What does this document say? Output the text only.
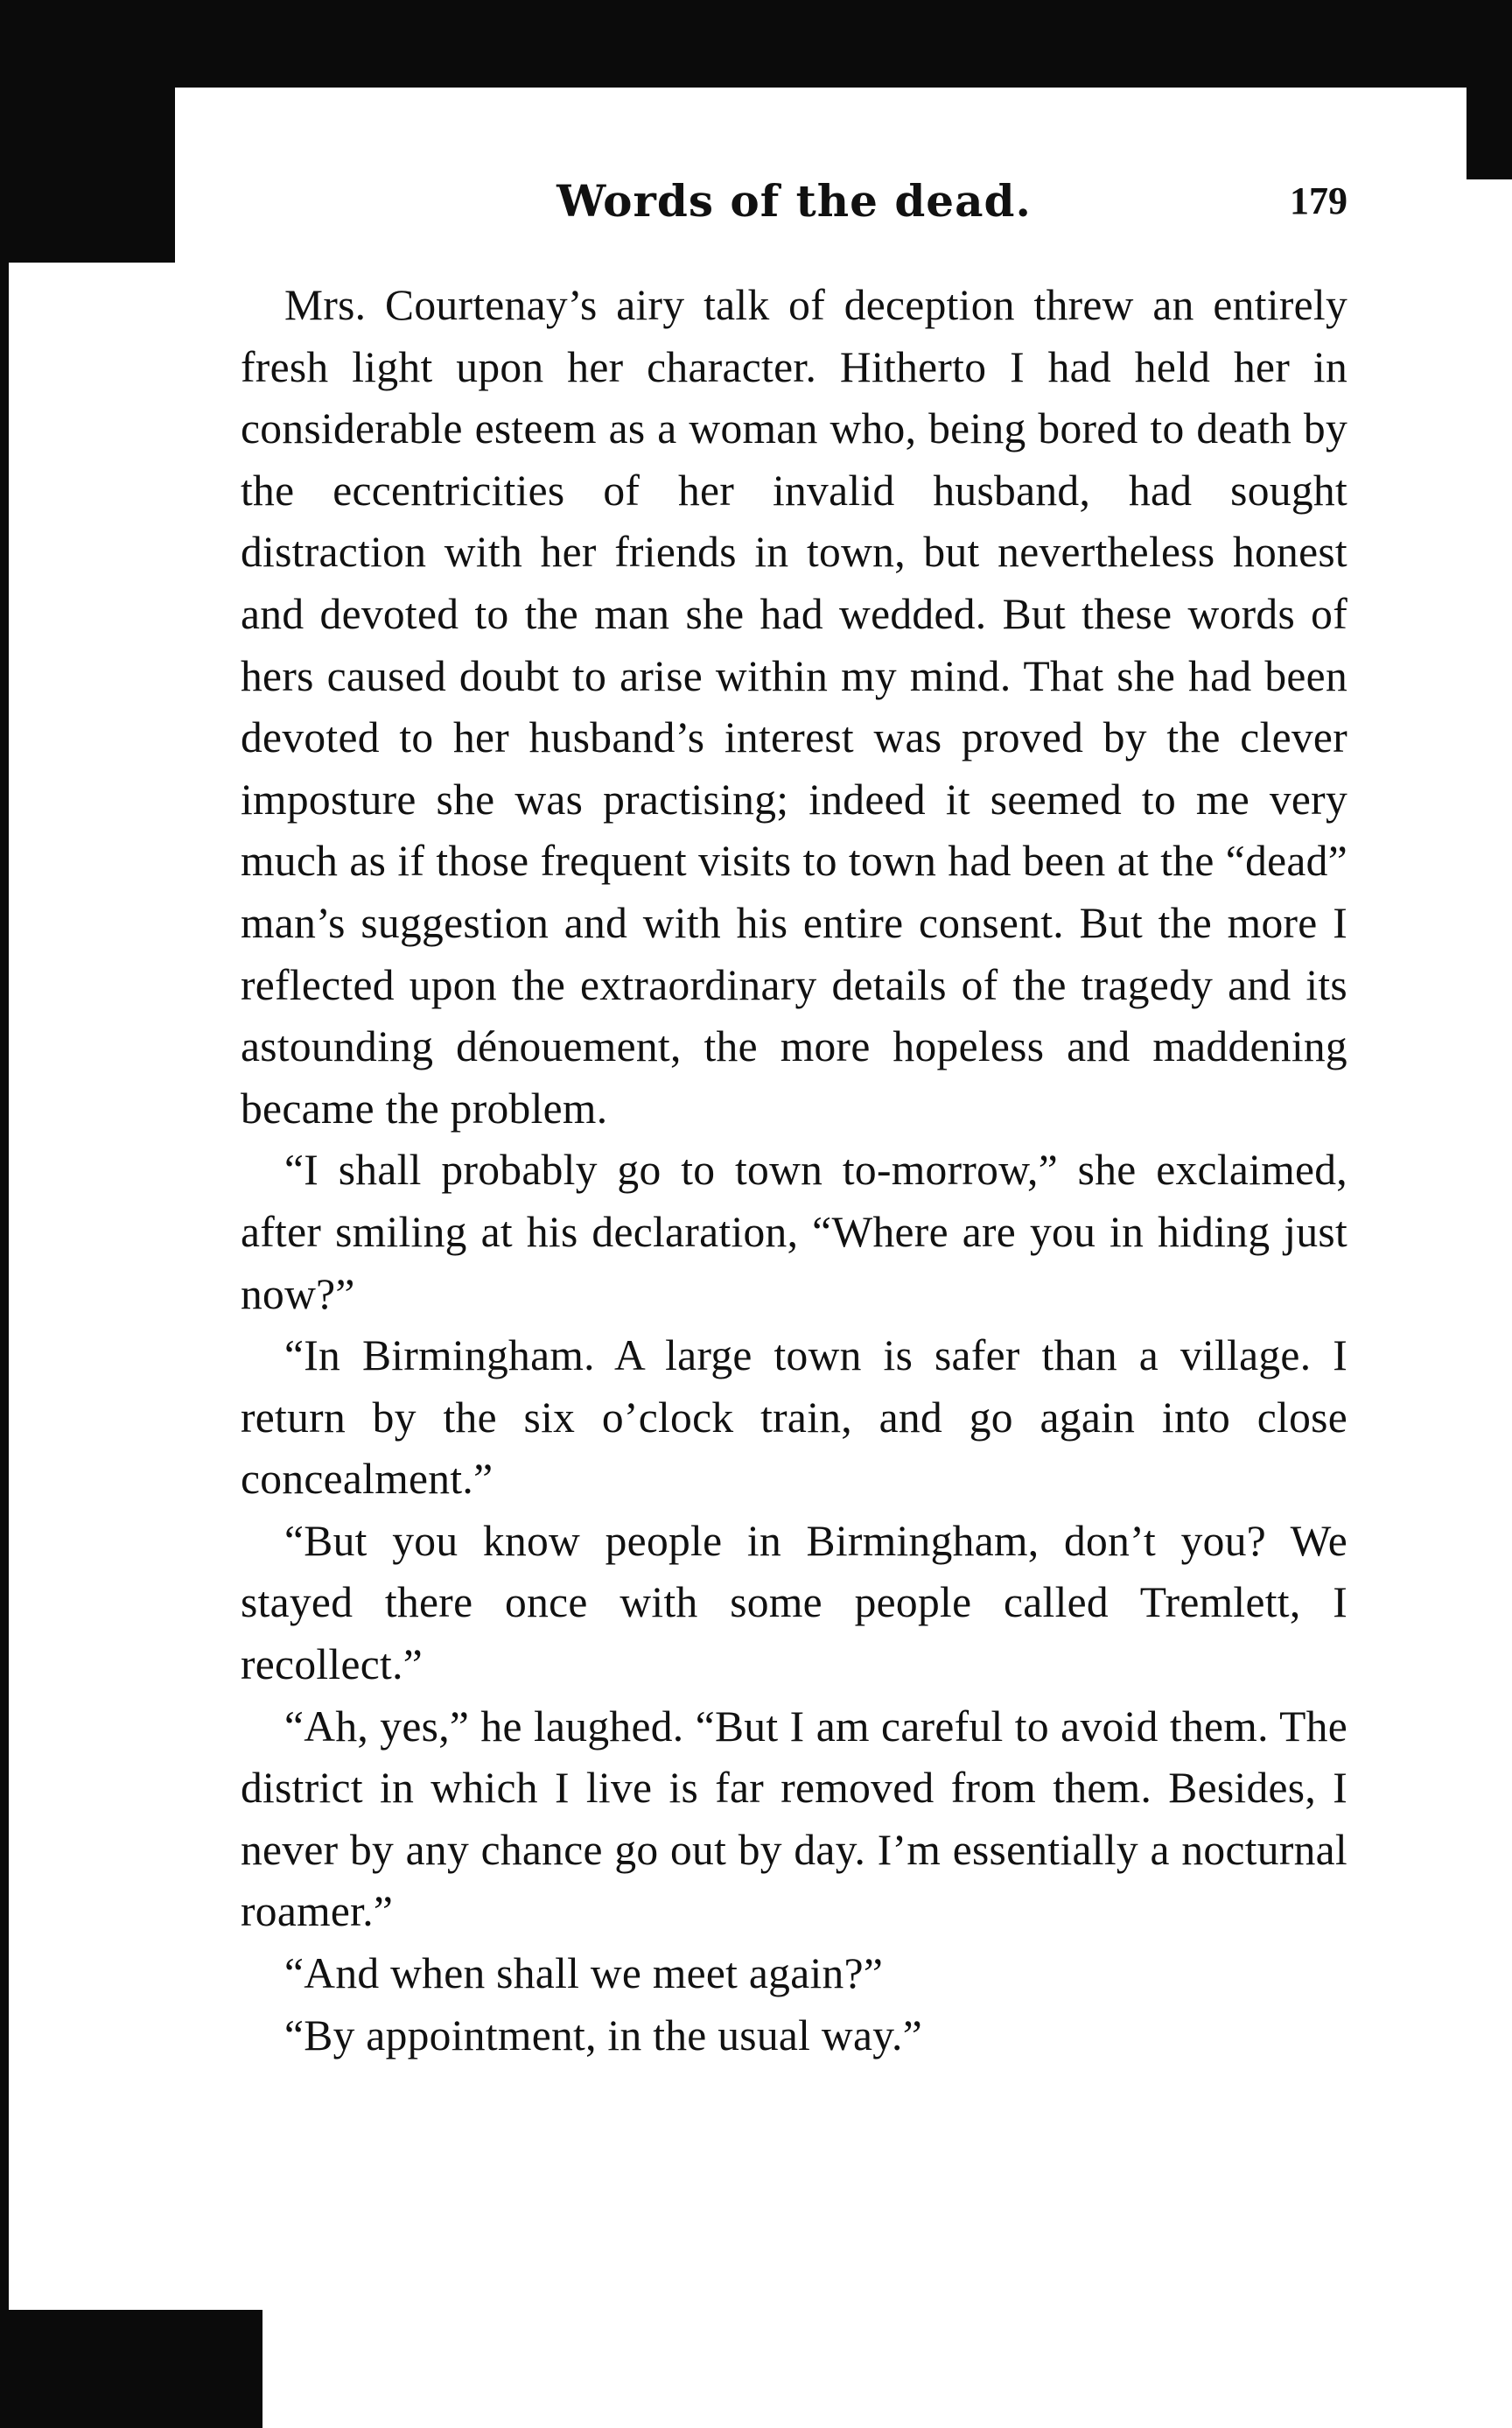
Words of the dead.	179

Mrs. Courtenay’s airy talk of deception threw an entirely fresh light upon her character. Hitherto I had held her in considerable esteem as a woman who, being bored to death by the eccentricities of her invalid husband, had sought distraction with her friends in town, but nevertheless honest and devoted to the man she had wedded. But these words of hers caused doubt to arise within my mind. That she had been devoted to her husband’s interest was proved by the clever imposture she was practising; indeed it seemed to me very much as if those frequent visits to town had been at the “dead” man’s suggestion and with his entire consent. But the more I reflected upon the extraordinary details of the tragedy and its astounding dénouement, the more hopeless and maddening became the problem.

“I shall probably go to town to-morrow,” she exclaimed, after smiling at his declaration, “Where are you in hiding just now?”

“In Birmingham. A large town is safer than a village. I return by the six o’clock train, and go again into close concealment.”

“But you know people in Birmingham, don’t you? We stayed there once with some people called Tremlett, I recollect.”

“Ah, yes,” he laughed. “But I am careful to avoid them. The district in which I live is far removed from them. Besides, I never by any chance go out by day. I’m essentially a nocturnal roamer.”

“And when shall we meet again?”

“By appointment, in the usual way.”
